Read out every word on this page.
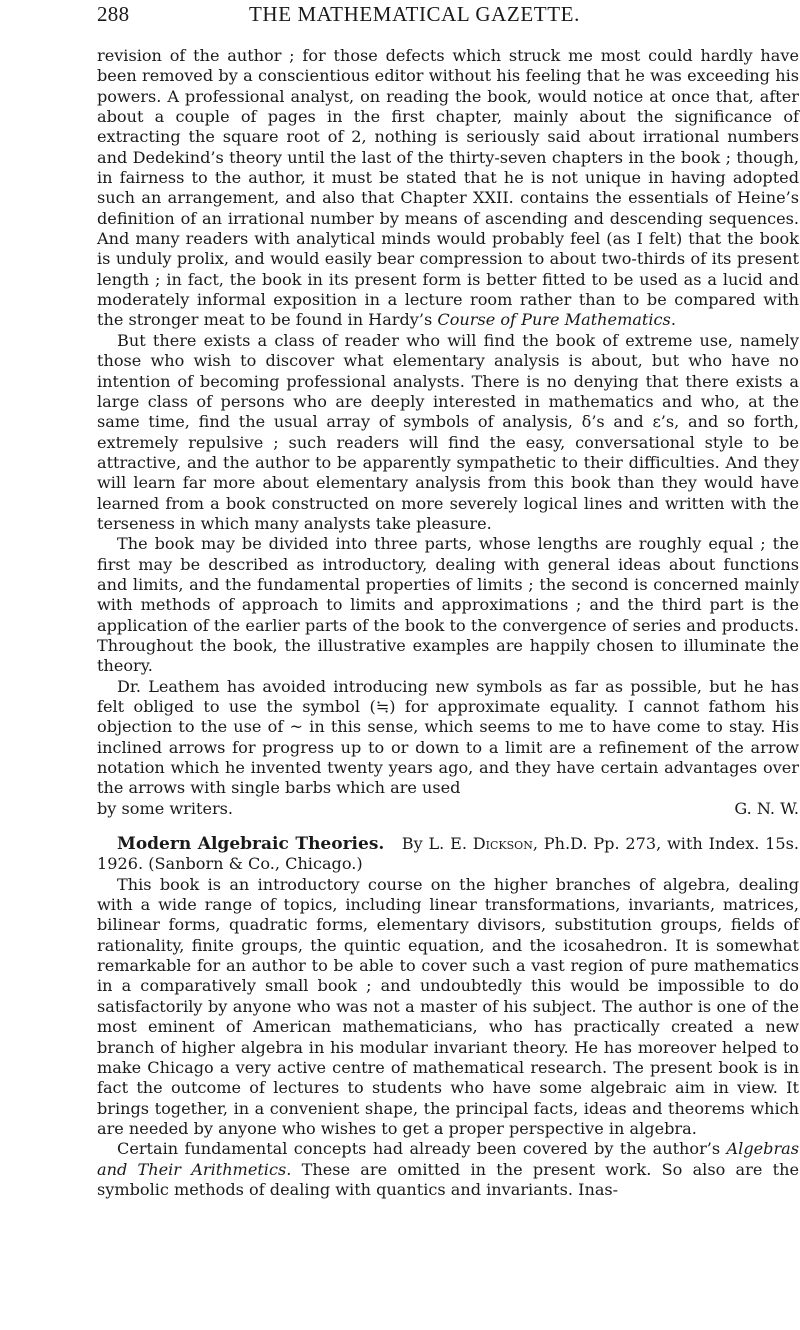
288	THE MATHEMATICAL GAZETTE.

revision of the author ; for those defects which struck me most could hardly have been removed by a conscientious editor without his feeling that he was exceeding his powers. A professional analyst, on reading the book, would notice at once that, after about a couple of pages in the first chapter, mainly about the significance of extracting the square root of 2, nothing is seriously said about irrational numbers and Dedekind’s theory until the last of the thirty-seven chapters in the book ; though, in fairness to the author, it must be stated that he is not unique in having adopted such an arrangement, and also that Chapter XXII. contains the essentials of Heine’s definition of an irrational number by means of ascending and descending sequences. And many readers with analytical minds would probably feel (as I felt) that the book is unduly prolix, and would easily bear compression to about two-thirds of its present length ; in fact, the book in its present form is better fitted to be used as a lucid and moderately informal exposition in a lecture room rather than to be compared with the stronger meat to be found in Hardy’s Course of Pure Mathematics.

But there exists a class of reader who will find the book of extreme use, namely those who wish to discover what elementary analysis is about, but who have no intention of becoming professional analysts. There is no denying that there exists a large class of persons who are deeply interested in mathematics and who, at the same time, find the usual array of symbols of analysis, δ’s and ε’s, and so forth, extremely repulsive ; such readers will find the easy, conversational style to be attractive, and the author to be apparently sympathetic to their difficulties. And they will learn far more about elementary analysis from this book than they would have learned from a book constructed on more severely logical lines and written with the terseness in which many analysts take pleasure.

The book may be divided into three parts, whose lengths are roughly equal ; the first may be described as introductory, dealing with general ideas about functions and limits, and the fundamental properties of limits ; the second is concerned mainly with methods of approach to limits and approximations ; and the third part is the application of the earlier parts of the book to the convergence of series and products. Throughout the book, the illustrative examples are happily chosen to illuminate the theory.

Dr. Leathem has avoided introducing new symbols as far as possible, but he has felt obliged to use the symbol (≒) for approximate equality. I cannot fathom his objection to the use of ~ in this sense, which seems to me to have come to stay. His inclined arrows for progress up to or down to a limit are a refinement of the arrow notation which he invented twenty years ago, and they have certain advantages over the arrows with single barbs which are used

by some writers.	G. N. W.

Modern Algebraic Theories. By L. E. Dickson, Ph.D. Pp. 273, with Index. 15s. 1926. (Sanborn & Co., Chicago.)

This book is an introductory course on the higher branches of algebra, dealing with a wide range of topics, including linear transformations, invariants, matrices, bilinear forms, quadratic forms, elementary divisors, substitution groups, fields of rationality, finite groups, the quintic equation, and the icosahedron. It is somewhat remarkable for an author to be able to cover such a vast region of pure mathematics in a comparatively small book ; and undoubtedly this would be impossible to do satisfactorily by anyone who was not a master of his subject. The author is one of the most eminent of American mathematicians, who has practically created a new branch of higher algebra in his modular invariant theory. He has moreover helped to make Chicago a very active centre of mathematical research. The present book is in fact the outcome of lectures to students who have some algebraic aim in view. It brings together, in a convenient shape, the principal facts, ideas and theorems which are needed by anyone who wishes to get a proper perspective in algebra.

Certain fundamental concepts had already been covered by the author’s Algebras and Their Arithmetics. These are omitted in the present work. So also are the symbolic methods of dealing with quantics and invariants. Inas-
